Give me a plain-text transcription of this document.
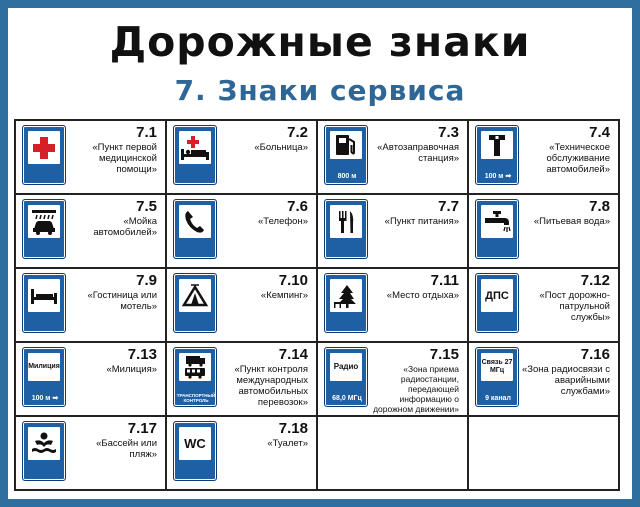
Дорожные знаки
7. Знаки сервиса
7.1
«Пункт первой медицинской помощи»
7.2
«Больница»
800 м
7.3
«Автозаправочная станция»
100 м ➡
7.4
«Техническое обслуживание автомобилей»
7.5
«Мойка автомобилей»
7.6
«Телефон»
7.7
«Пункт питания»
7.8
«Питьевая вода»
7.9
«Гостиница или мотель»
7.10
«Кемпинг»
7.11
«Место отдыха» ДПС
7.12
«Пост дорожно-патрульной службы»
Милиция
100 м ➡
7.13
«Милиция»
ТРАНСПОРТНЫЙ КОНТРОЛЬ
7.14
«Пункт контроля международных автомобильных перевозок»
Радио
68,0 МГц
7.15
«Зона приема радиостанции, передающей информацию о дорожном движении»
Связь 27 МГц
9 канал
7.16
«Зона радиосвязи с аварийными службами»
7.17
«Бассейн или пляж»
WC
7.18
«Туалет»
